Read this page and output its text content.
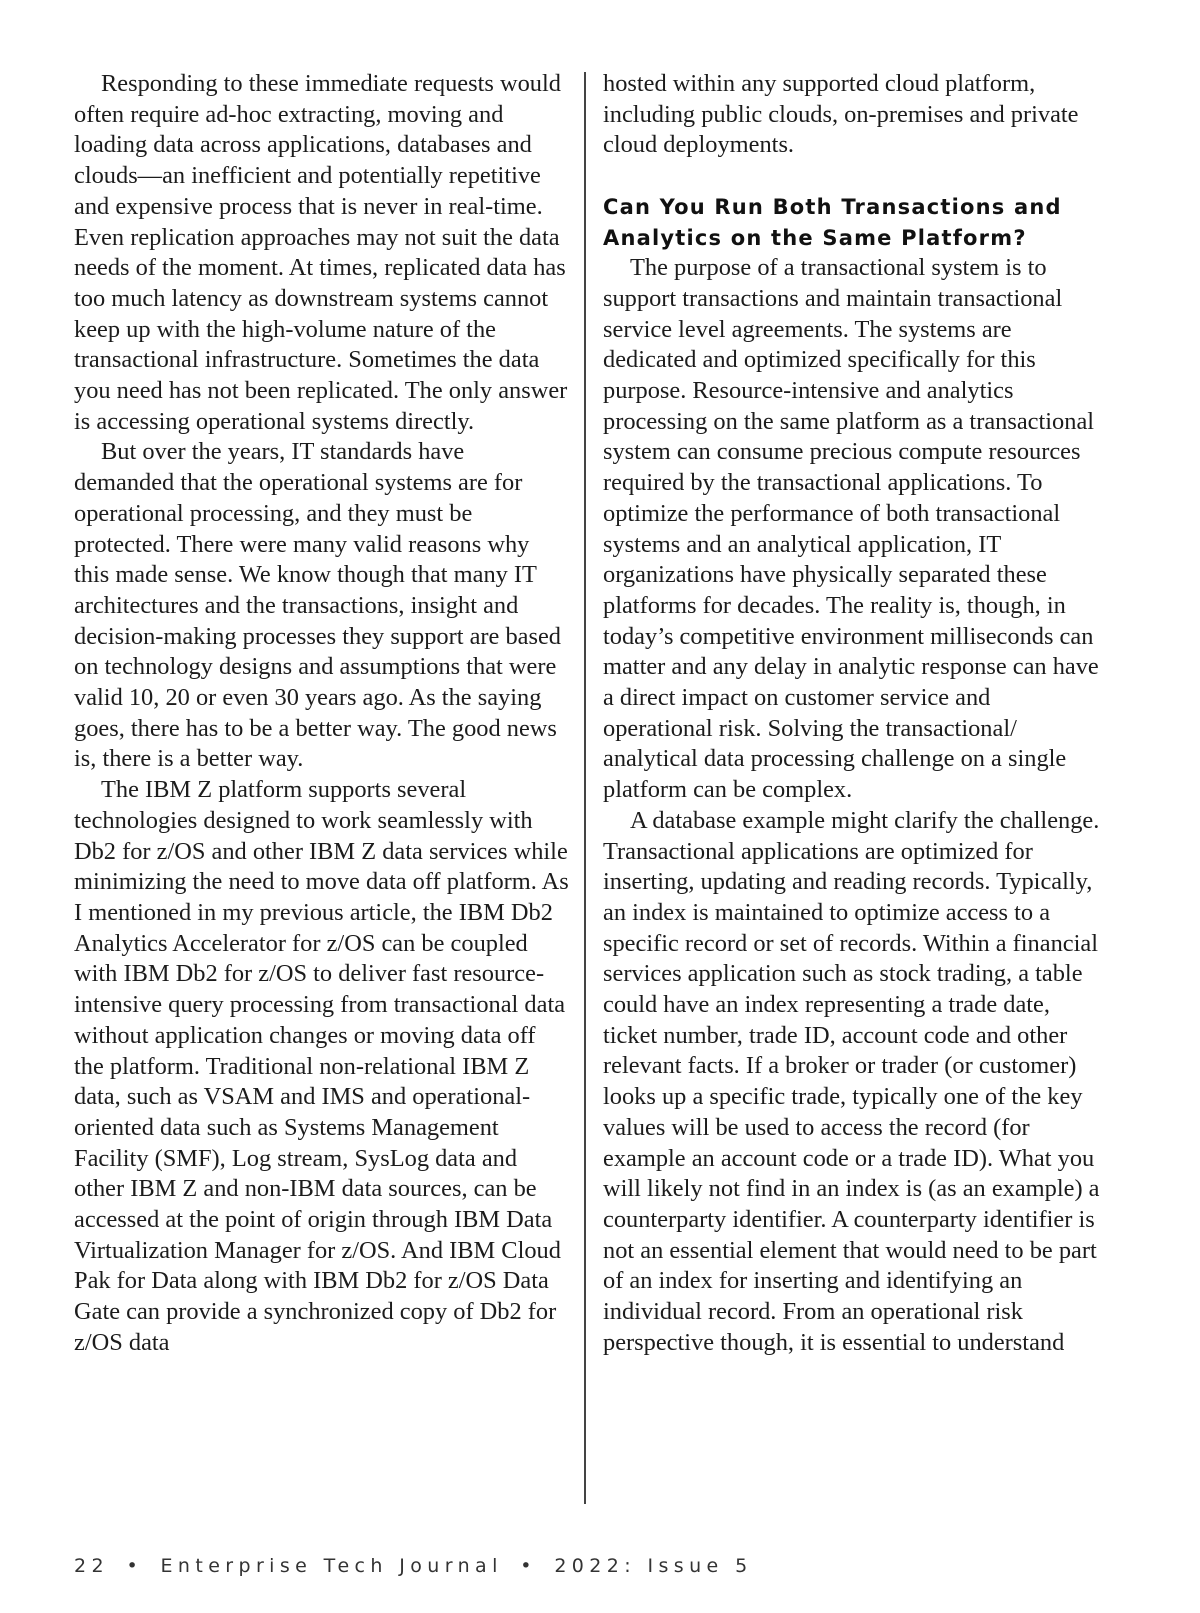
Responding to these immediate requests would often require ad-hoc extracting, moving and loading data across applications, databases and clouds—an inefficient and potentially repetitive and expensive process that is never in real-time. Even replication approaches may not suit the data needs of the moment. At times, replicated data has too much latency as downstream systems cannot keep up with the high-volume nature of the transactional infrastructure. Sometimes the data you need has not been replicated. The only answer is accessing operational systems directly.

But over the years, IT standards have demanded that the operational systems are for operational processing, and they must be protected. There were many valid reasons why this made sense. We know though that many IT architectures and the transactions, insight and decision-making processes they support are based on technology designs and assumptions that were valid 10, 20 or even 30 years ago. As the saying goes, there has to be a better way. The good news is, there is a better way.

The IBM Z platform supports several technologies designed to work seamlessly with Db2 for z/OS and other IBM Z data services while minimizing the need to move data off platform. As I mentioned in my previous article, the IBM Db2 Analytics Accelerator for z/OS can be coupled with IBM Db2 for z/OS to deliver fast resource-intensive query processing from transactional data without application changes or moving data off the platform. Traditional non-relational IBM Z data, such as VSAM and IMS and operational-oriented data such as Systems Management Facility (SMF), Log stream, SysLog data and other IBM Z and non-IBM data sources, can be accessed at the point of origin through IBM Data Virtualization Manager for z/OS. And IBM Cloud Pak for Data along with IBM Db2 for z/OS Data Gate can provide a synchronized copy of Db2 for z/OS data

hosted within any supported cloud platform, including public clouds, on-premises and private cloud deployments.

Can You Run Both Transactions and Analytics on the Same Platform?

The purpose of a transactional system is to support transactions and maintain transactional service level agreements. The systems are dedicated and optimized specifically for this purpose. Resource-intensive and analytics processing on the same platform as a transactional system can consume precious compute resources required by the transactional applications. To optimize the performance of both transactional systems and an analytical application, IT organizations have physically separated these platforms for decades. The reality is, though, in today’s competitive environment milliseconds can matter and any delay in analytic response can have a direct impact on customer service and operational risk. Solving the transactional/ analytical data processing challenge on a single platform can be complex.

A database example might clarify the challenge. Transactional applications are optimized for inserting, updating and reading records. Typically, an index is maintained to optimize access to a specific record or set of records. Within a financial services application such as stock trading, a table could have an index representing a trade date, ticket number, trade ID, account code and other relevant facts. If a broker or trader (or customer) looks up a specific trade, typically one of the key values will be used to access the record (for example an account code or a trade ID). What you will likely not find in an index is (as an example) a counterparty identifier. A counterparty identifier is not an essential element that would need to be part of an index for inserting and identifying an individual record. From an operational risk perspective though, it is essential to understand

22 • Enterprise Tech Journal • 2022: Issue 5
